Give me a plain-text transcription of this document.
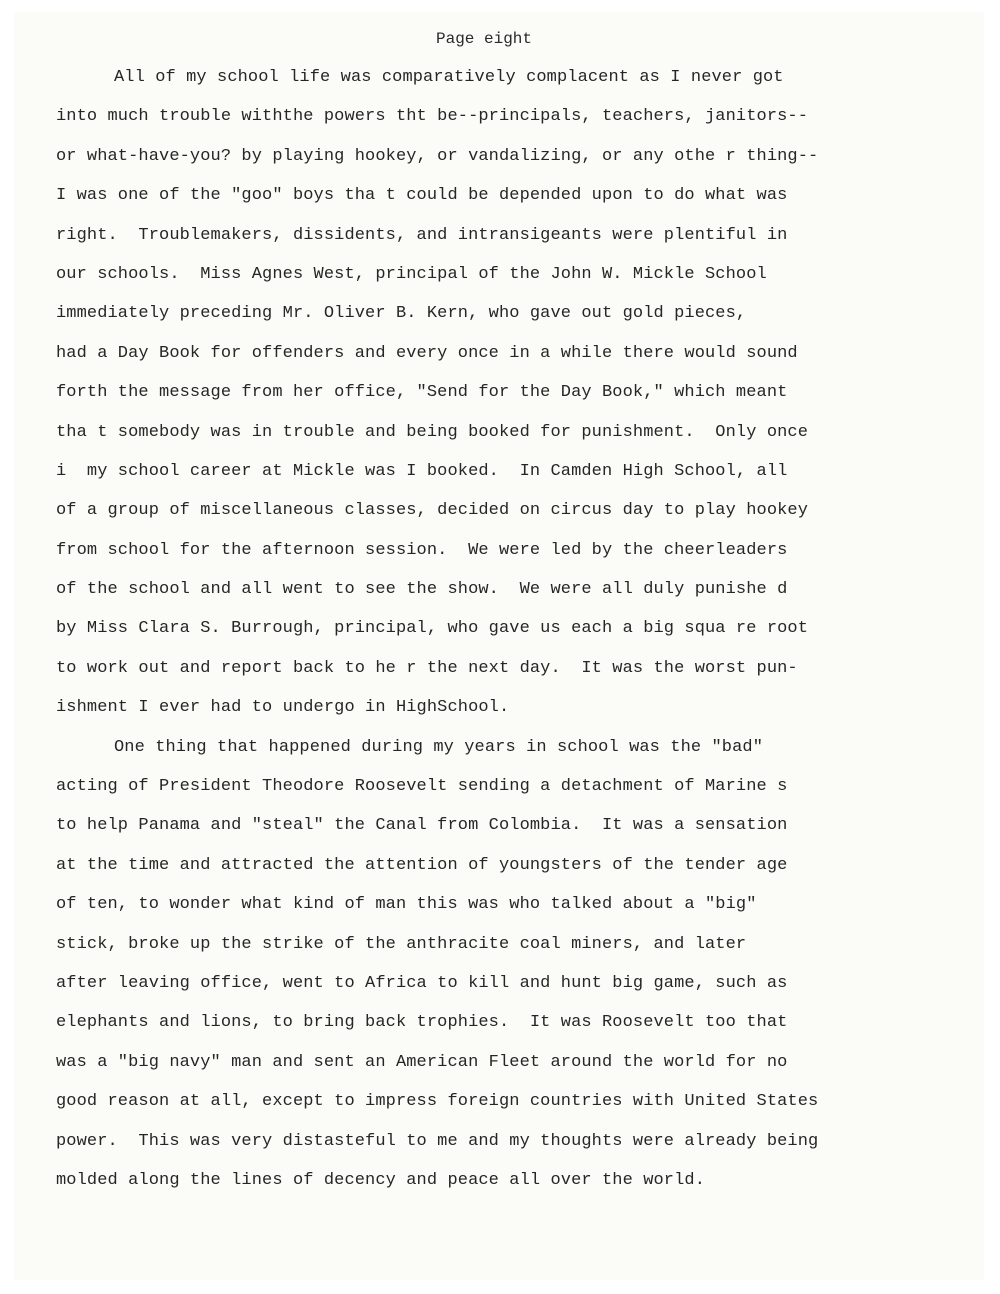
Page eight
All of my school life was comparatively complacent as I never got
into much trouble withthe powers tht be--principals, teachers, janitors--
or what-have-you? by playing hookey, or vandalizing, or any othe r thing--
I was one of the "goo" boys tha t could be depended upon to do what was
right.  Troublemakers, dissidents, and intransigeants were plentiful in
our schools.  Miss Agnes West, principal of the John W. Mickle School
immediately preceding Mr. Oliver B. Kern, who gave out gold pieces,
had a Day Book for offenders and every once in a while there would sound
forth the message from her office, "Send for the Day Book," which meant
tha t somebody was in trouble and being booked for punishment.  Only once
i  my school career at Mickle was I booked.  In Camden High School, all
of a group of miscellaneous classes, decided on circus day to play hookey
from school for the afternoon session.  We were led by the cheerleaders
of the school and all went to see the show.  We were all duly punishe d
by Miss Clara S. Burrough, principal, who gave us each a big squa re root
to work out and report back to he r the next day.  It was the worst pun-
ishment I ever had to undergo in HighSchool.
One thing that happened during my years in school was the "bad"
acting of President Theodore Roosevelt sending a detachment of Marine s
to help Panama and "steal" the Canal from Colombia.  It was a sensation
at the time and attracted the attention of youngsters of the tender age
of ten, to wonder what kind of man this was who talked about a "big"
stick, broke up the strike of the anthracite coal miners, and later
after leaving office, went to Africa to kill and hunt big game, such as
elephants and lions, to bring back trophies.  It was Roosevelt too that
was a "big navy" man and sent an American Fleet around the world for no
good reason at all, except to impress foreign countries with United States
power.  This was very distasteful to me and my thoughts were already being
molded along the lines of decency and peace all over the world.
